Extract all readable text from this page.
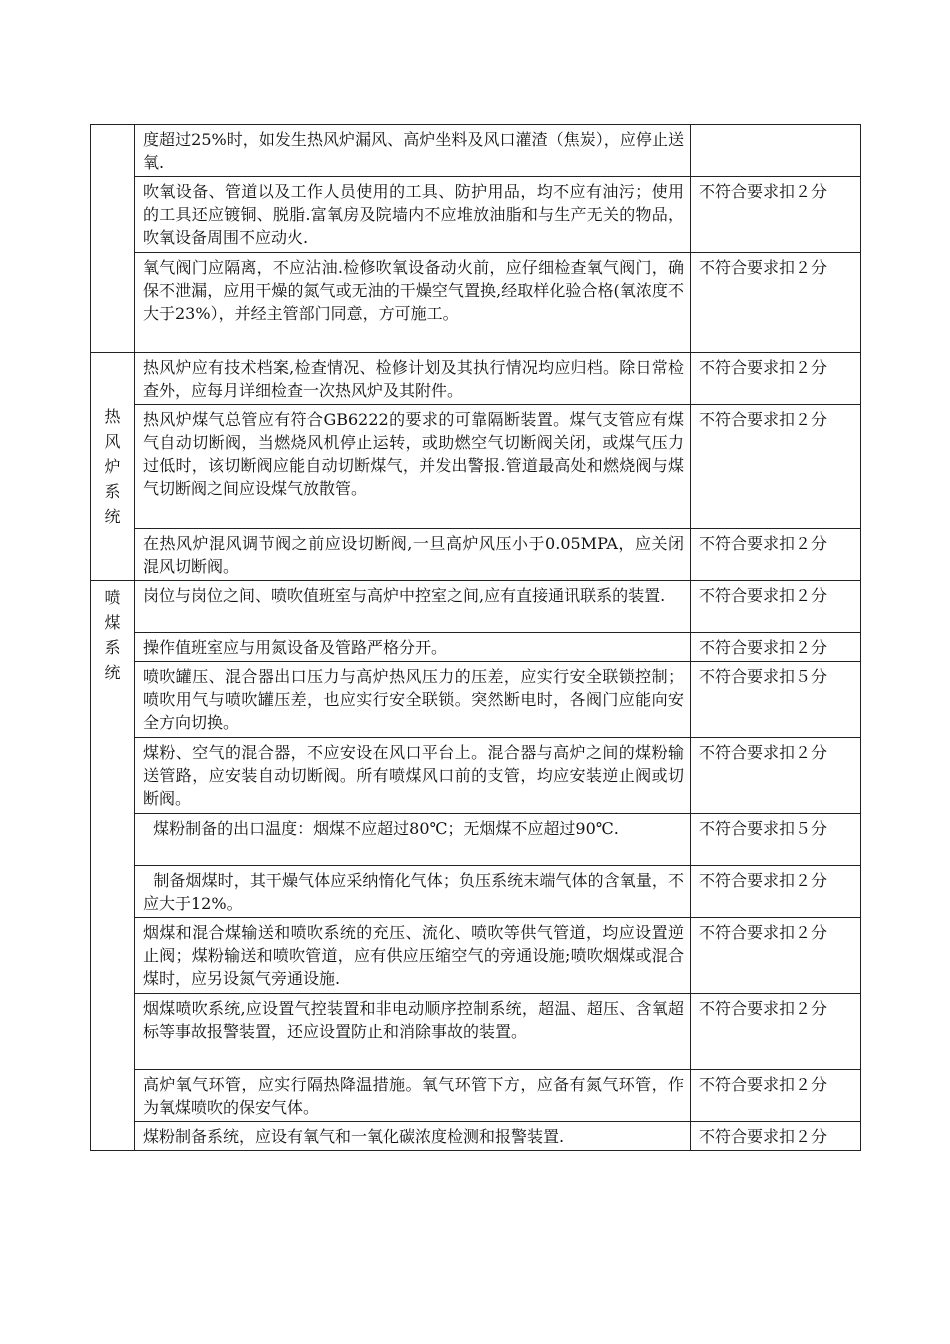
	度超过25%时，如发生热风炉漏风、高炉坐料及风口灌渣（焦炭），应停止送氧.	
	吹氧设备、管道以及工作人员使用的工具、防护用品，均不应有油污；使用的工具还应镀铜、脱脂.富氧房及院墙内不应堆放油脂和与生产无关的物品，吹氧设备周围不应动火.	不符合要求扣２分
	氧气阀门应隔离，不应沾油.检修吹氧设备动火前，应仔细检查氧气阀门，确保不泄漏，应用干燥的氮气或无油的干燥空气置换,经取样化验合格(氧浓度不大于23%），并经主管部门同意，方可施工。	不符合要求扣２分

热风炉系统	热风炉应有技术档案,检查情况、检修计划及其执行情况均应归档。除日常检查外，应每月详细检查一次热风炉及其附件。	不符合要求扣２分
	热风炉煤气总管应有符合GB6222的要求的可靠隔断装置。煤气支管应有煤气自动切断阀，当燃烧风机停止运转，或助燃空气切断阀关闭，或煤气压力过低时，该切断阀应能自动切断煤气，并发出警报.管道最高处和燃烧阀与煤气切断阀之间应设煤气放散管。	不符合要求扣２分
	在热风炉混风调节阀之前应设切断阀,一旦高炉风压小于0.05MPA，应关闭混风切断阀。	不符合要求扣２分

喷煤系统	岗位与岗位之间、喷吹值班室与高炉中控室之间,应有直接通讯联系的装置.	不符合要求扣２分
	操作值班室应与用氮设备及管路严格分开。	不符合要求扣２分
	喷吹罐压、混合器出口压力与高炉热风压力的压差，应实行安全联锁控制；喷吹用气与喷吹罐压差，也应实行安全联锁。突然断电时，各阀门应能向安全方向切换。	不符合要求扣５分
	煤粉、空气的混合器，不应安设在风口平台上。混合器与高炉之间的煤粉输送管路，应安装自动切断阀。所有喷煤风口前的支管，均应安装逆止阀或切断阀。	不符合要求扣２分
	煤粉制备的出口温度：烟煤不应超过80℃；无烟煤不应超过90℃.	不符合要求扣５分
	制备烟煤时，其干燥气体应采纳惰化气体；负压系统末端气体的含氧量，不应大于12%。	不符合要求扣２分
	烟煤和混合煤输送和喷吹系统的充压、流化、喷吹等供气管道，均应设置逆止阀；煤粉输送和喷吹管道，应有供应压缩空气的旁通设施;喷吹烟煤或混合煤时，应另设氮气旁通设施.	不符合要求扣２分
	烟煤喷吹系统,应设置气控装置和非电动顺序控制系统，超温、超压、含氧超标等事故报警装置，还应设置防止和消除事故的装置。	不符合要求扣２分
	高炉氧气环管，应实行隔热降温措施。氧气环管下方，应备有氮气环管，作为氧煤喷吹的保安气体。	不符合要求扣２分
	煤粉制备系统，应设有氧气和一氧化碳浓度检测和报警装置.	不符合要求扣２分
